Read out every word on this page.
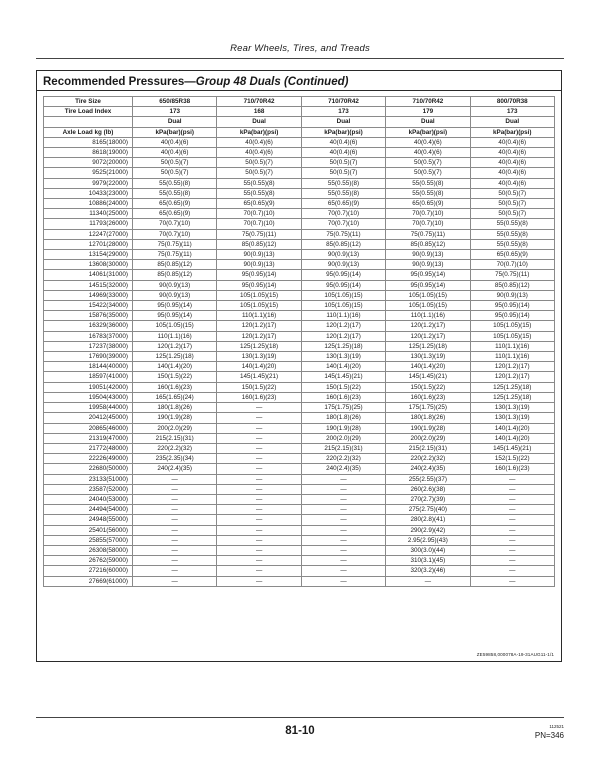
Rear Wheels, Tires, and Treads
Recommended Pressures—Group 48 Duals (Continued)
Tire Size	650/85R38	710/70R42	710/70R42	710/70R42	800/70R38
Tire Load Index	173	168	173	179	173
	Dual	Dual	Dual	Dual	Dual
Axle Load kg (lb)	kPa(bar)(psi)	kPa(bar)(psi)	kPa(bar)(psi)	kPa(bar)(psi)	kPa(bar)(psi)
8165(18000)	40(0.4)(6)	40(0.4)(6)	40(0.4)(6)	40(0.4)(6)	40(0.4)(6)
8618(19000)	40(0.4)(6)	40(0.4)(6)	40(0.4)(6)	40(0.4)(6)	40(0.4)(6)
9072(20000)	50(0.5)(7)	50(0.5)(7)	50(0.5)(7)	50(0.5)(7)	40(0.4)(6)
9525(21000)	50(0.5)(7)	50(0.5)(7)	50(0.5)(7)	50(0.5)(7)	40(0.4)(6)
9979(22000)	55(0.55)(8)	55(0.55)(8)	55(0.55)(8)	55(0.55)(8)	40(0.4)(6)
10433(23000)	55(0.55)(8)	55(0.55)(8)	55(0.55)(8)	55(0.55)(8)	50(0.5)(7)
10886(24000)	65(0.65)(9)	65(0.65)(9)	65(0.65)(9)	65(0.65)(9)	50(0.5)(7)
11340(25000)	65(0.65)(9)	70(0.7)(10)	70(0.7)(10)	70(0.7)(10)	50(0.5)(7)
11793(26000)	70(0.7)(10)	70(0.7)(10)	70(0.7)(10)	70(0.7)(10)	55(0.55)(8)
12247(27000)	70(0.7)(10)	75(0.75)(11)	75(0.75)(11)	75(0.75)(11)	55(0.55)(8)
12701(28000)	75(0.75)(11)	85(0.85)(12)	85(0.85)(12)	85(0.85)(12)	55(0.55)(8)
13154(29000)	75(0.75)(11)	90(0.9)(13)	90(0.9)(13)	90(0.9)(13)	65(0.65)(9)
13608(30000)	85(0.85)(12)	90(0.9)(13)	90(0.9)(13)	90(0.9)(13)	70(0.7)(10)
14061(31000)	85(0.85)(12)	95(0.95)(14)	95(0.95)(14)	95(0.95)(14)	75(0.75)(11)
14515(32000)	90(0.9)(13)	95(0.95)(14)	95(0.95)(14)	95(0.95)(14)	85(0.85)(12)
14969(33000)	90(0.9)(13)	105(1.05)(15)	105(1.05)(15)	105(1.05)(15)	90(0.9)(13)
15422(34000)	95(0.95)(14)	105(1.05)(15)	105(1.05)(15)	105(1.05)(15)	95(0.95)(14)
15876(35000)	95(0.95)(14)	110(1.1)(16)	110(1.1)(16)	110(1.1)(16)	95(0.95)(14)
16329(36000)	105(1.05)(15)	120(1.2)(17)	120(1.2)(17)	120(1.2)(17)	105(1.05)(15)
16783(37000)	110(1.1)(16)	120(1.2)(17)	120(1.2)(17)	120(1.2)(17)	105(1.05)(15)
17237(38000)	120(1.2)(17)	125(1.25)(18)	125(1.25)(18)	125(1.25)(18)	110(1.1)(16)
17690(39000)	125(1.25)(18)	130(1.3)(19)	130(1.3)(19)	130(1.3)(19)	110(1.1)(16)
18144(40000)	140(1.4)(20)	140(1.4)(20)	140(1.4)(20)	140(1.4)(20)	120(1.2)(17)
18597(41000)	150(1.5)(22)	145(1.45)(21)	145(1.45)(21)	145(1.45)(21)	120(1.2)(17)
19051(42000)	160(1.6)(23)	150(1.5)(22)	150(1.5)(22)	150(1.5)(22)	125(1.25)(18)
19504(43000)	165(1.65)(24)	160(1.6)(23)	160(1.6)(23)	160(1.6)(23)	125(1.25)(18)
19958(44000)	180(1.8)(26)	—	175(1.75)(25)	175(1.75)(25)	130(1.3)(19)
20412(45000)	190(1.9)(28)	—	180(1.8)(26)	180(1.8)(26)	130(1.3)(19)
20865(46000)	200(2.0)(29)	—	190(1.9)(28)	190(1.9)(28)	140(1.4)(20)
21319(47000)	215(2.15)(31)	—	200(2.0)(29)	200(2.0)(29)	140(1.4)(20)
21772(48000)	220(2.2)(32)	—	215(2.15)(31)	215(2.15)(31)	145(1.45)(21)
22226(49000)	235(2.35)(34)	—	220(2.2)(32)	220(2.2)(32)	152(1.5)(22)
22680(50000)	240(2.4)(35)	—	240(2.4)(35)	240(2.4)(35)	160(1.6)(23)
23133(51000)	—	—	—	255(2.55)(37)	—
23587(52000)	—	—	—	260(2.6)(38)	—
24040(53000)	—	—	—	270(2.7)(39)	—
24494(54000)	—	—	—	275(2.75)(40)	—
24948(55000)	—	—	—	280(2.8)(41)	—
25401(56000)	—	—	—	290(2.9)(42)	—
25855(57000)	—	—	—	2.95(2.95)(43)	—
26308(58000)	—	—	—	300(3.0)(44)	—
26762(59000)	—	—	—	310(3.1)(45)	—
27216(60000)	—	—	—	320(3.2)(46)	—
27669(61000)	—	—	—	—	—
ZE59858,000078A-19-31AUG11-1/1
81-10	112521
PN=346
